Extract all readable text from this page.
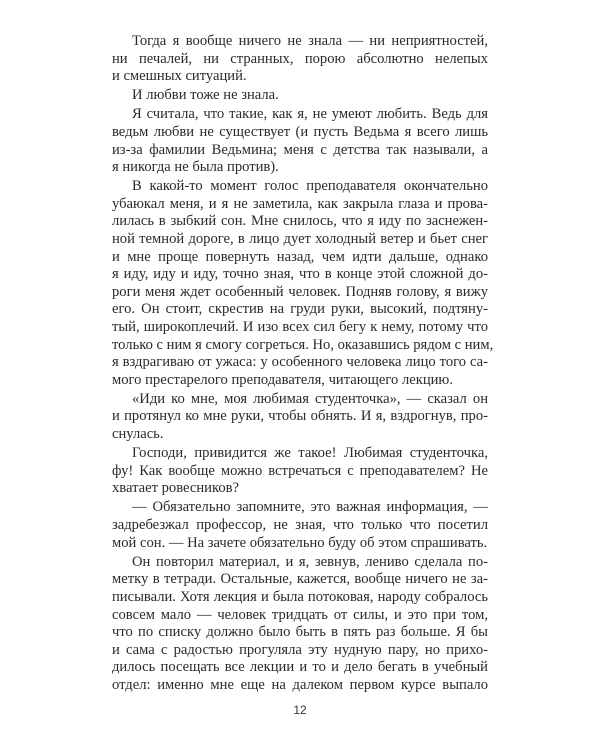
Тогда я вообще ничего не знала — ни неприятностей,
ни печалей, ни странных, порою абсолютно нелепых
и смешных ситуаций.
И любви тоже не знала.
Я считала, что такие, как я, не умеют любить. Ведь для
ведьм любви не существует (и пусть Ведьма я всего лишь
из-за фамилии Ведьмина; меня с детства так называли, а
я никогда не была против).
В какой-то момент голос преподавателя окончательно
убаюкал меня, и я не заметила, как закрыла глаза и прова-
лилась в зыбкий сон. Мне снилось, что я иду по заснежен-
ной темной дороге, в лицо дует холодный ветер и бьет снег
и мне проще повернуть назад, чем идти дальше, однако
я иду, иду и иду, точно зная, что в конце этой сложной до-
роги меня ждет особенный человек. Подняв голову, я вижу
его. Он стоит, скрестив на груди руки, высокий, подтяну-
тый, широкоплечий. И изо всех сил бегу к нему, потому что
только с ним я смогу согреться. Но, оказавшись рядом с ним,
я вздрагиваю от ужаса: у особенного человека лицо того са-
мого престарелого преподавателя, читающего лекцию.
«Иди ко мне, моя любимая студенточка», — сказал он
и протянул ко мне руки, чтобы обнять. И я, вздрогнув, про-
снулась.
Господи, привидится же такое! Любимая студенточка,
фу! Как вообще можно встречаться с преподавателем? Не
хватает ровесников?
— Обязательно запомните, это важная информация, —
задребезжал профессор, не зная, что только что посетил
мой сон. — На зачете обязательно буду об этом спрашивать.
Он повторил материал, и я, зевнув, лениво сделала по-
метку в тетради. Остальные, кажется, вообще ничего не за-
писывали. Хотя лекция и была потоковая, народу собралось
совсем мало — человек тридцать от силы, и это при том,
что по списку должно было быть в пять раз больше. Я бы
и сама с радостью прогуляла эту нудную пару, но прихо-
дилось посещать все лекции и то и дело бегать в учебный
отдел: именно мне еще на далеком первом курсе выпало
12
